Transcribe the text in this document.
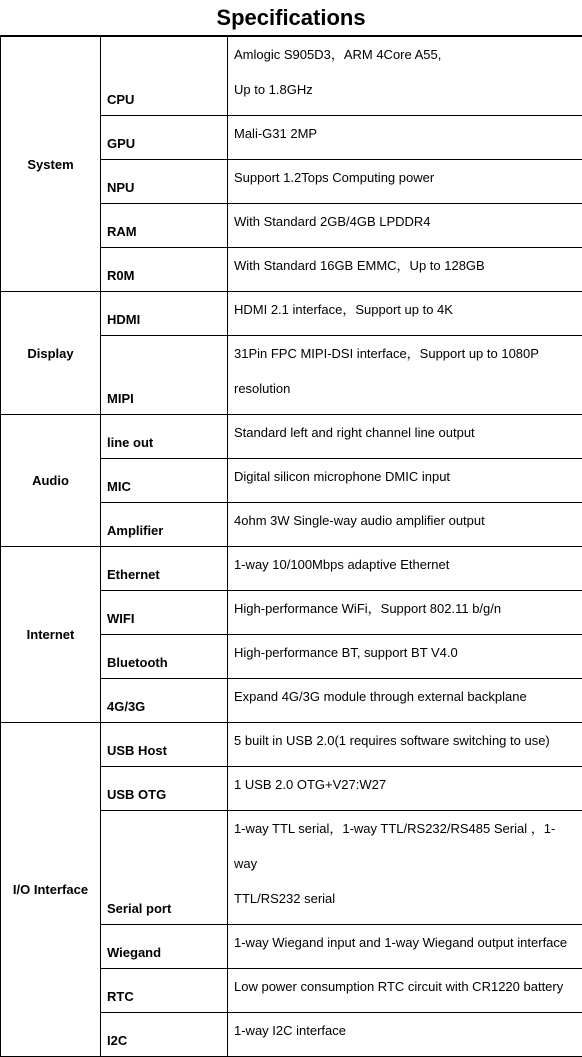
Specifications
System	CPU	Amlogic S905D3，ARM 4Core A55,
Up to 1.8GHz

	GPU	Mali-G31 2MP
	NPU	Support 1.2Tops Computing power
	RAM	With Standard 2GB/4GB LPDDR4
	R0M	With Standard 16GB EMMC，Up to 128GB
Display	HDMI	HDMI 2.1 interface，Support up to 4K
	MIPI	31Pin FPC MIPI-DSI interface，Support up to 1080P
resolution

Audio	line out	Standard left and right channel line output
	MIC	Digital silicon microphone DMIC input
	Amplifier	4ohm 3W Single-way audio amplifier output
Internet	Ethernet	1-way 10/100Mbps adaptive Ethernet
	WIFI	High-performance WiFi，Support 802.11 b/g/n
	Bluetooth	High-performance BT, support BT V4.0
	4G/3G	Expand 4G/3G module through external backplane
I/O Interface	USB Host	5 built in USB 2.0(1 requires software switching to use)
	USB OTG	1 USB 2.0 OTG+V27:W27
	Serial port	1-way TTL serial，1-way TTL/RS232/RS485 Serial ，1-way
TTL/RS232 serial

	Wiegand	1-way Wiegand input and 1-way Wiegand output interface
	RTC	Low power consumption RTC circuit with CR1220 battery
	I2C	1-way I2C interface
